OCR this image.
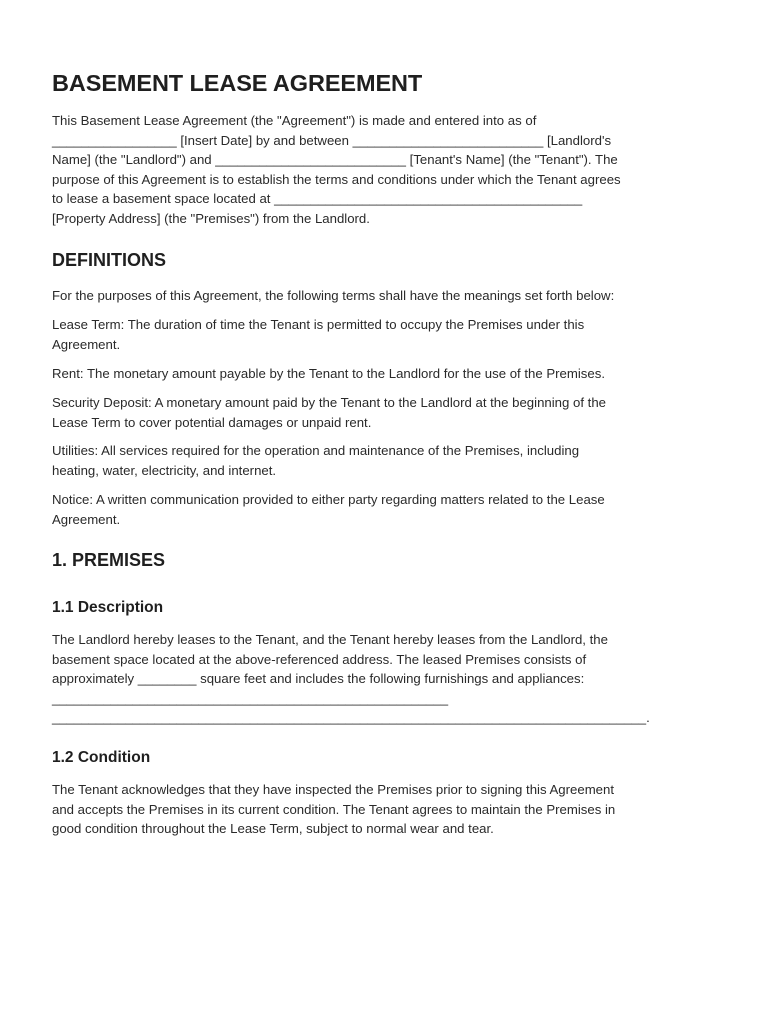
BASEMENT LEASE AGREEMENT

This Basement Lease Agreement (the "Agreement") is made and entered into as of
_________________ [Insert Date] by and between __________________________ [Landlord's
Name] (the "Landlord") and __________________________ [Tenant's Name] (the "Tenant"). The
purpose of this Agreement is to establish the terms and conditions under which the Tenant agrees
to lease a basement space located at __________________________________________
[Property Address] (the "Premises") from the Landlord.

DEFINITIONS

For the purposes of this Agreement, the following terms shall have the meanings set forth below:

Lease Term: The duration of time the Tenant is permitted to occupy the Premises under this
Agreement.

Rent: The monetary amount payable by the Tenant to the Landlord for the use of the Premises.

Security Deposit: A monetary amount paid by the Tenant to the Landlord at the beginning of the
Lease Term to cover potential damages or unpaid rent.

Utilities: All services required for the operation and maintenance of the Premises, including
heating, water, electricity, and internet.

Notice: A written communication provided to either party regarding matters related to the Lease
Agreement.

1. PREMISES
1.1 Description

The Landlord hereby leases to the Tenant, and the Tenant hereby leases from the Landlord, the
basement space located at the above-referenced address. The leased Premises consists of
approximately ________ square feet and includes the following furnishings and appliances:
______________________________________________________
_________________________________________________________________________________.

1.2 Condition

The Tenant acknowledges that they have inspected the Premises prior to signing this Agreement
and accepts the Premises in its current condition. The Tenant agrees to maintain the Premises in
good condition throughout the Lease Term, subject to normal wear and tear.
